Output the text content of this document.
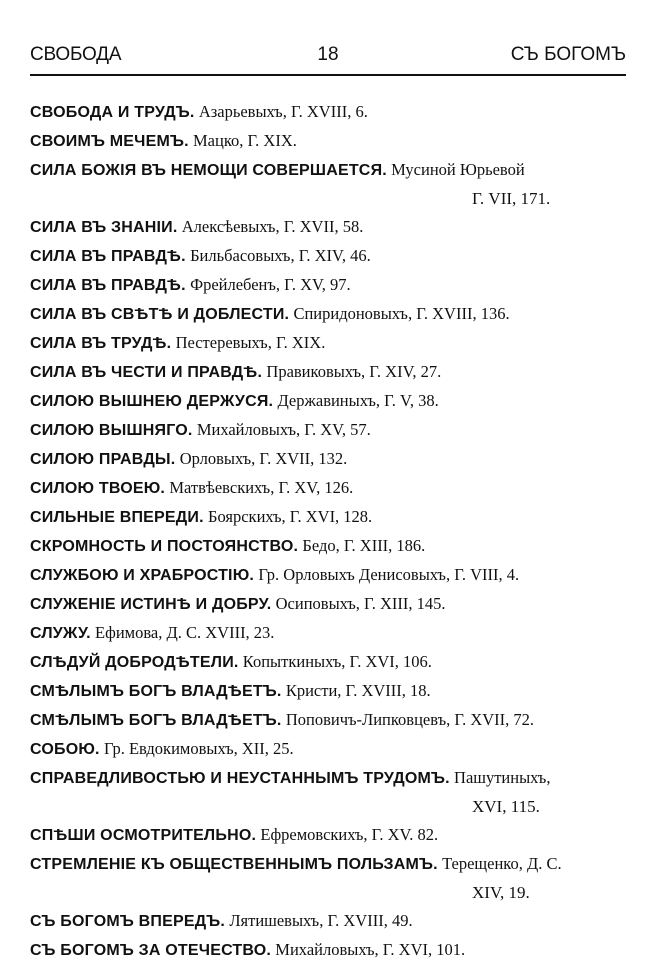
СВОБОДА	18	СЪ БОГОМЪ
СВОБОДА И ТРУДЪ. Азарьевыхъ, Г. XVIII, 6.
СВОИМЪ МЕЧЕМЪ. Мацко, Г. XIX.
СИЛА БОЖІЯ ВЪ НЕМОЩИ СОВЕРШАЕТСЯ. Мусиной Юрьевой
Г. VII, 171.
СИЛА ВЪ ЗНАНІИ. Алексѣевыхъ, Г. XVII, 58.
СИЛА ВЪ ПРАВДѢ. Бильбасовыхъ, Г. XIV, 46.
СИЛА ВЪ ПРАВДѢ. Фрейлебенъ, Г. XV, 97.
СИЛА ВЪ СВѢТѢ И ДОБЛЕСТИ. Спиридоновыхъ, Г. XVIII, 136.
СИЛА ВЪ ТРУДѢ. Пестеревыхъ, Г. XIX.
СИЛА ВЪ ЧЕСТИ И ПРАВДѢ. Правиковыхъ, Г. XIV, 27.
СИЛОЮ ВЫШНЕЮ ДЕРЖУСЯ. Державиныхъ, Г. V, 38.
СИЛОЮ ВЫШНЯГО. Михайловыхъ, Г. XV, 57.
СИЛОЮ ПРАВДЫ. Орловыхъ, Г. XVII, 132.
СИЛОЮ ТВОЕЮ. Матвѣевскихъ, Г. XV, 126.
СИЛЬНЫЕ ВПЕРЕДИ. Боярскихъ, Г. XVI, 128.
СКРОМНОСТЬ И ПОСТОЯНСТВО. Бедо, Г. XIII, 186.
СЛУЖБОЮ И ХРАБРОСТІЮ. Гр. Орловыхъ Денисовыхъ, Г. VIII, 4.
СЛУЖЕНІЕ ИСТИНѢ И ДОБРУ. Осиповыхъ, Г. XIII, 145.
СЛУЖУ. Ефимова, Д. С. XVIII, 23.
СЛѢДУЙ ДОБРОДѢТЕЛИ. Копыткиныхъ, Г. XVI, 106.
СМѢЛЫМЪ БОГЪ ВЛАДѢЕТЪ. Кристи, Г. XVIII, 18.
СМѢЛЫМЪ БОГЪ ВЛАДѢЕТЪ. Поповичъ-Липковцевъ, Г. XVII, 72.
СОБОЮ. Гр. Евдокимовыхъ, XII, 25.
СПРАВЕДЛИВОСТЬЮ И НЕУСТАННЫМЪ ТРУДОМЪ. Пашутиныхъ,
XVI, 115.
СПѢШИ ОСМОТРИТЕЛЬНО. Ефремовскихъ, Г. XV. 82.
СТРЕМЛЕНІЕ КЪ ОБЩЕСТВЕННЫМЪ ПОЛЬЗАМЪ. Терещенко, Д. С.
XIV, 19.
СЪ БОГОМЪ ВПЕРЕДЪ. Лятишевыхъ, Г. XVIII, 49.
СЪ БОГОМЪ ЗА ОТЕЧЕСТВО. Михайловыхъ, Г. XVI, 101.
